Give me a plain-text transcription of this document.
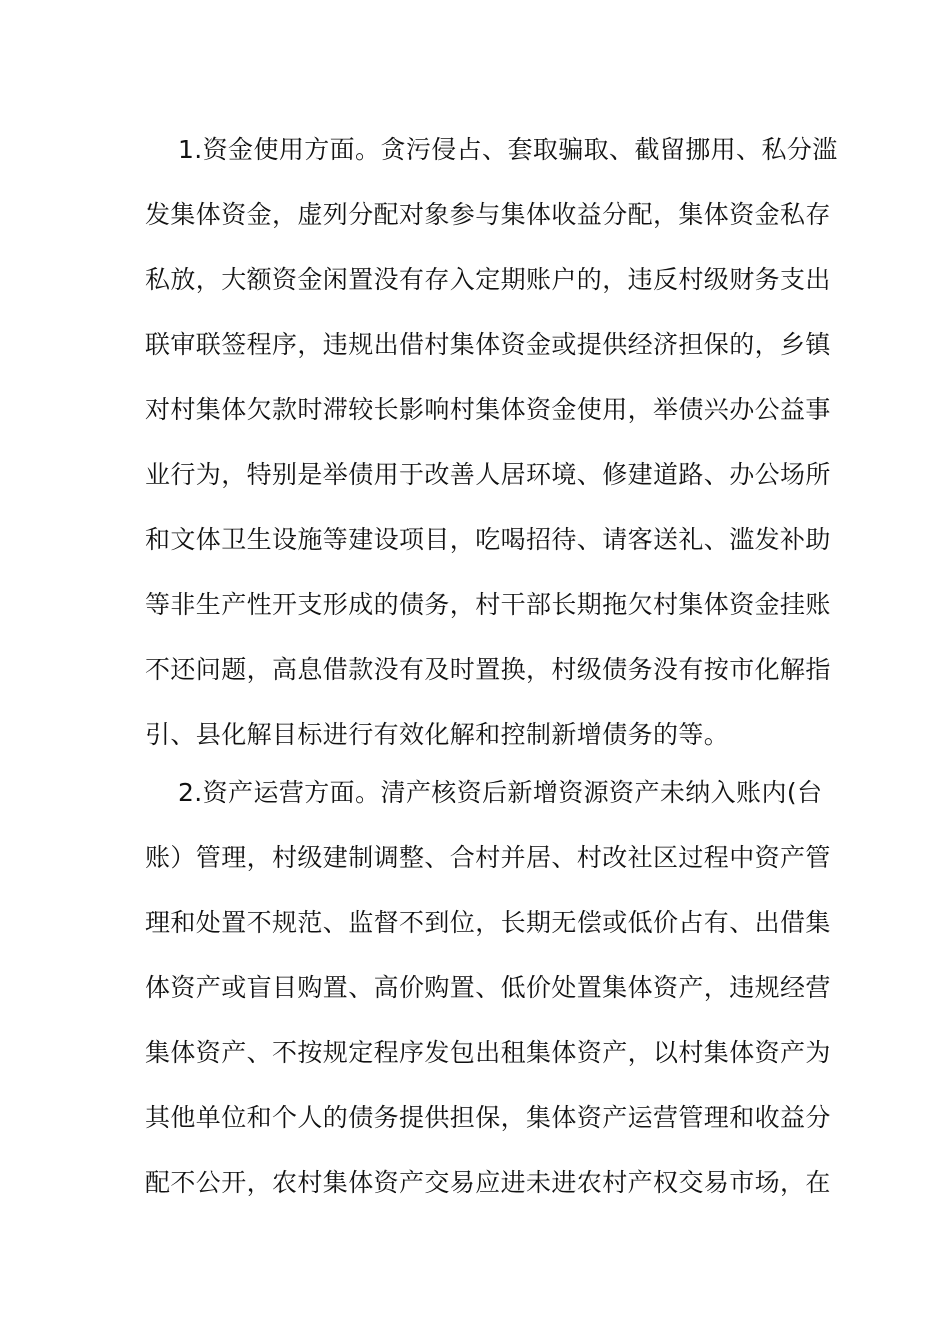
1.资金使用方面。贪污侵占、套取骗取、截留挪用、私分滥
发集体资金，虚列分配对象参与集体收益分配，集体资金私存
私放，大额资金闲置没有存入定期账户的，违反村级财务支出
联审联签程序，违规出借村集体资金或提供经济担保的，乡镇
对村集体欠款时滞较长影响村集体资金使用，举债兴办公益事
业行为，特别是举债用于改善人居环境、修建道路、办公场所
和文体卫生设施等建设项目，吃喝招待、请客送礼、滥发补助
等非生产性开支形成的债务，村干部长期拖欠村集体资金挂账
不还问题，高息借款没有及时置换，村级债务没有按市化解指
引、县化解目标进行有效化解和控制新增债务的等。
2.资产运营方面。清产核资后新增资源资产未纳入账内(台
账）管理，村级建制调整、合村并居、村改社区过程中资产管
理和处置不规范、监督不到位，长期无偿或低价占有、出借集
体资产或盲目购置、高价购置、低价处置集体资产，违规经营
集体资产、不按规定程序发包出租集体资产，以村集体资产为
其他单位和个人的债务提供担保，集体资产运营管理和收益分
配不公开，农村集体资产交易应进未进农村产权交易市场，在
